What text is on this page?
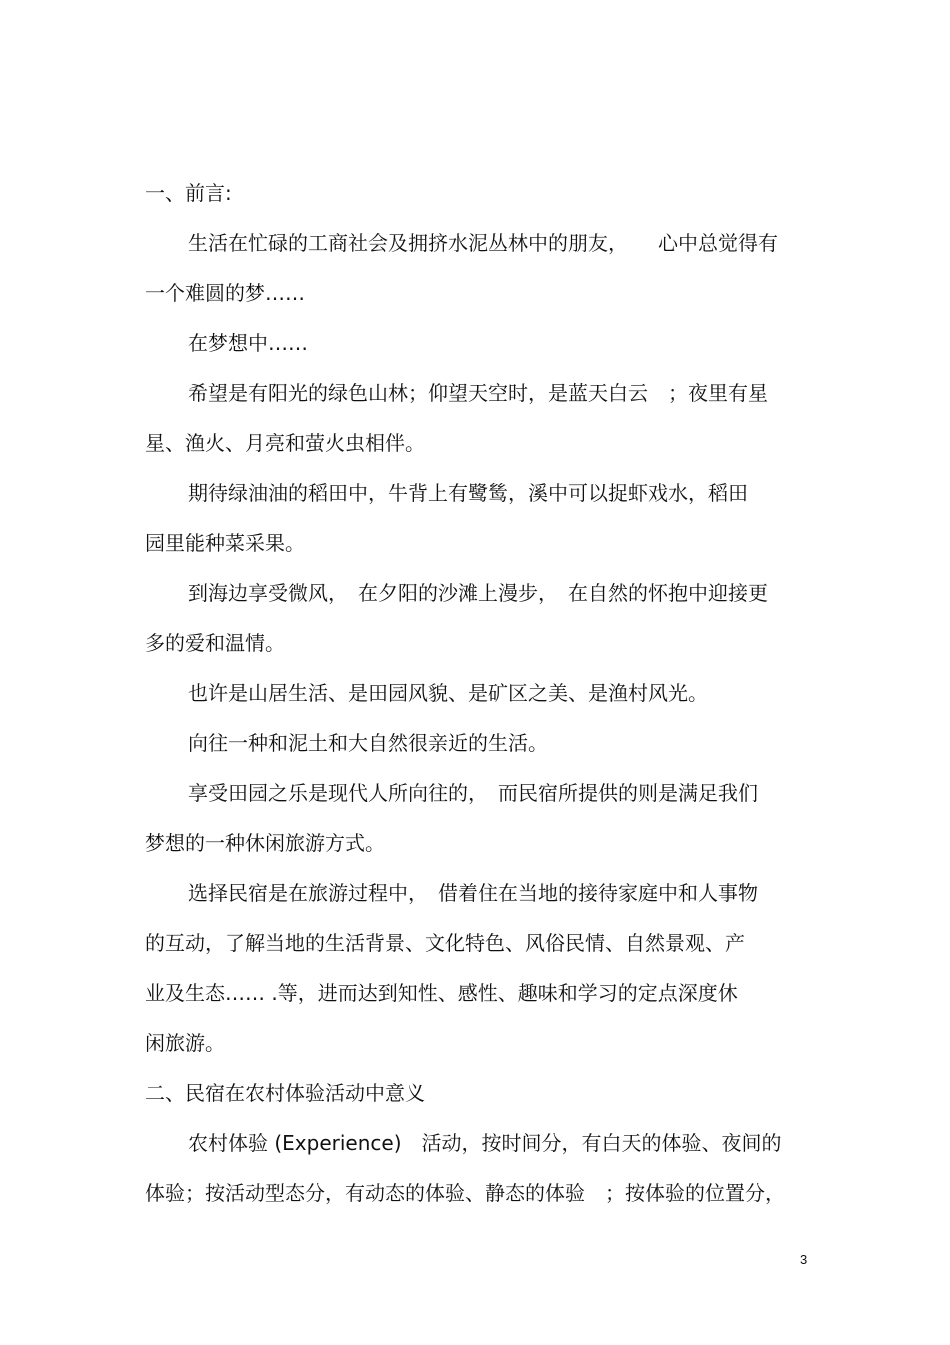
一、前言:
生活在忙碌的工商社会及拥挤水泥丛林中的朋友，　　心中总觉得有
一个难圆的梦……
在梦想中……
希望是有阳光的绿色山林；仰望天空时，是蓝天白云　；夜里有星
星、渔火、月亮和萤火虫相伴。
期待绿油油的稻田中，牛背上有鹭鸶，溪中可以捉虾戏水，稻田
园里能种菜采果。
到海边享受微风，　在夕阳的沙滩上漫步，　在自然的怀抱中迎接更
多的爱和温情。
也许是山居生活、是田园风貌、是矿区之美、是渔村风光。
向往一种和泥土和大自然很亲近的生活。
享受田园之乐是现代人所向往的，　而民宿所提供的则是满足我们
梦想的一种休闲旅游方式。
选择民宿是在旅游过程中，　借着住在当地的接待家庭中和人事物
的互动，了解当地的生活背景、文化特色、风俗民情、自然景观、产
业及生态…… .等，进而达到知性、感性、趣味和学习的定点深度休
闲旅游。
二、民宿在农村体验活动中意义
农村体验 (Experience)　活动，按时间分，有白天的体验、夜间的
体验；按活动型态分，有动态的体验、静态的体验　；按体验的位置分，
3
